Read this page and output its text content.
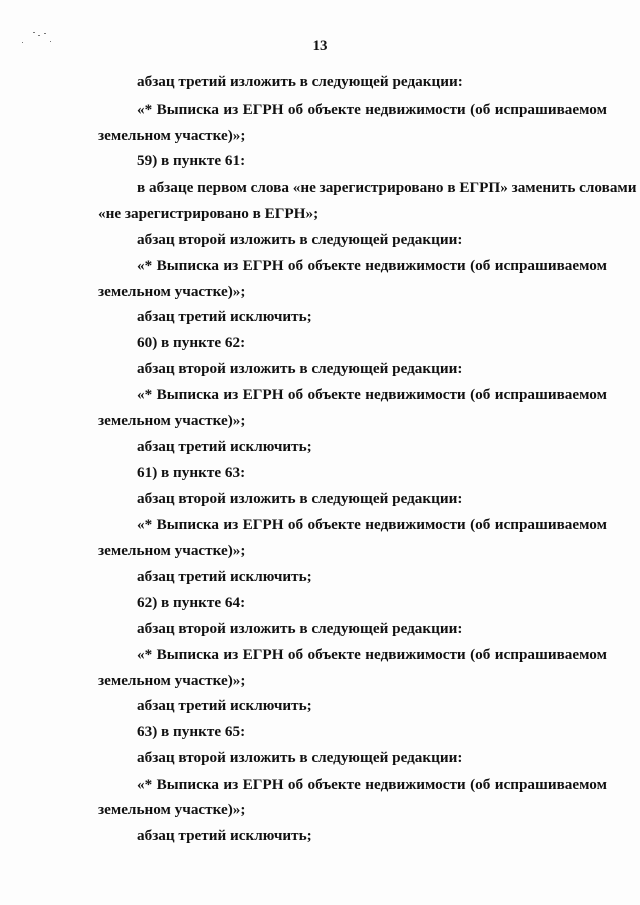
13
абзац третий изложить в следующей редакции:
«* Выписка из ЕГРН об объекте недвижимости (об испрашиваемом
земельном участке)»;
59) в пункте 61:
в абзаце первом слова «не зарегистрировано в ЕГРП» заменить словами
«не зарегистрировано в ЕГРН»;
абзац второй изложить в следующей редакции:
«* Выписка из ЕГРН об объекте недвижимости (об испрашиваемом
земельном участке)»;
абзац третий исключить;
60) в пункте 62:
абзац второй изложить в следующей редакции:
«* Выписка из ЕГРН об объекте недвижимости (об испрашиваемом
земельном участке)»;
абзац третий исключить;
61) в пункте 63:
абзац второй изложить в следующей редакции:
«* Выписка из ЕГРН об объекте недвижимости (об испрашиваемом
земельном участке)»;
абзац третий исключить;
62) в пункте 64:
абзац второй изложить в следующей редакции:
«* Выписка из ЕГРН об объекте недвижимости (об испрашиваемом
земельном участке)»;
абзац третий исключить;
63) в пункте 65:
абзац второй изложить в следующей редакции:
«* Выписка из ЕГРН об объекте недвижимости (об испрашиваемом
земельном участке)»;
абзац третий исключить;
